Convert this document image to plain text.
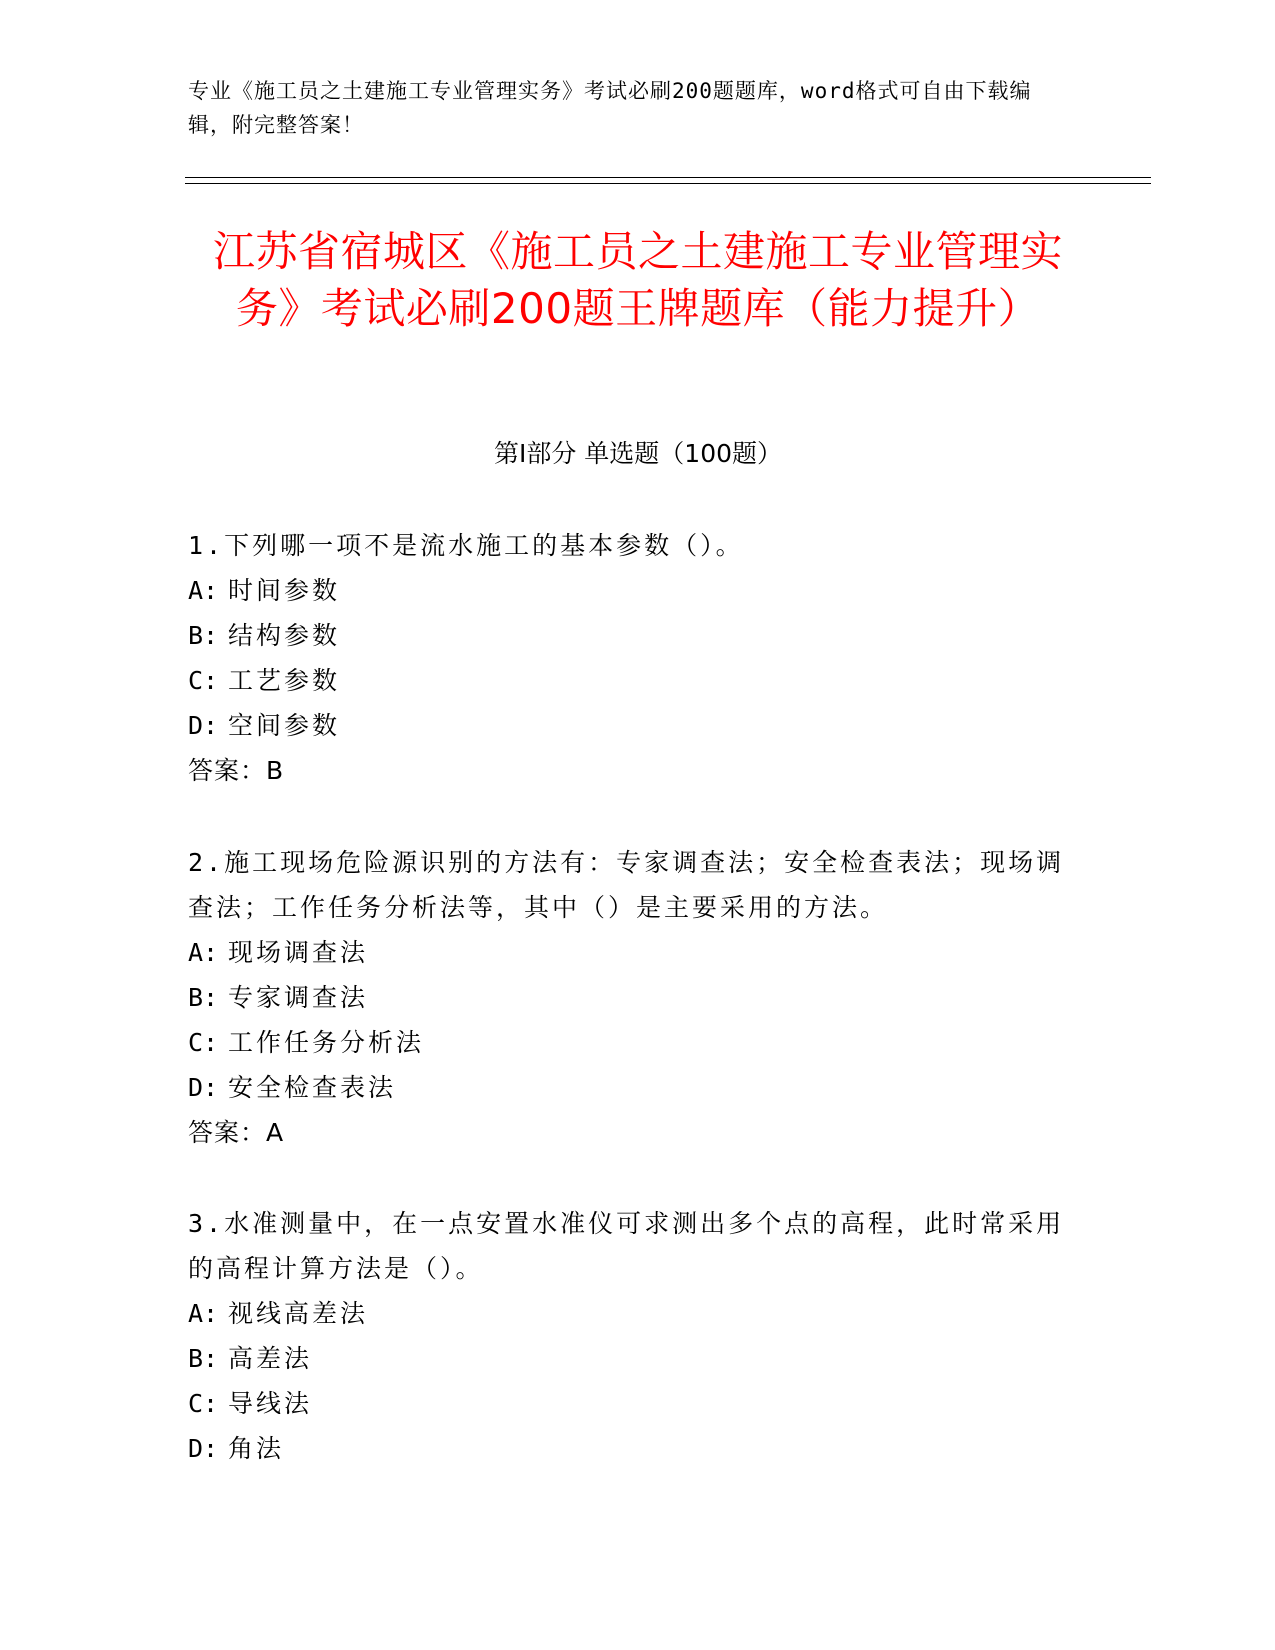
专业《施工员之土建施工专业管理实务》考试必刷200题题库，word格式可自由下载编辑，附完整答案！
江苏省宿城区《施工员之土建施工专业管理实务》考试必刷200题王牌题库（能力提升）
第I部分 单选题（100题）

1.下列哪一项不是流水施工的基本参数（）。

A: 时间参数

B: 结构参数

C: 工艺参数

D: 空间参数

答案：B

2.施工现场危险源识别的方法有：专家调查法；安全检查表法；现场调查法；工作任务分析法等，其中（）是主要采用的方法。

A: 现场调查法

B: 专家调查法

C: 工作任务分析法

D: 安全检查表法

答案：A

3.水准测量中，在一点安置水准仪可求测出多个点的高程，此时常采用的高程计算方法是（）。

A: 视线高差法

B: 高差法

C: 导线法

D: 角法
